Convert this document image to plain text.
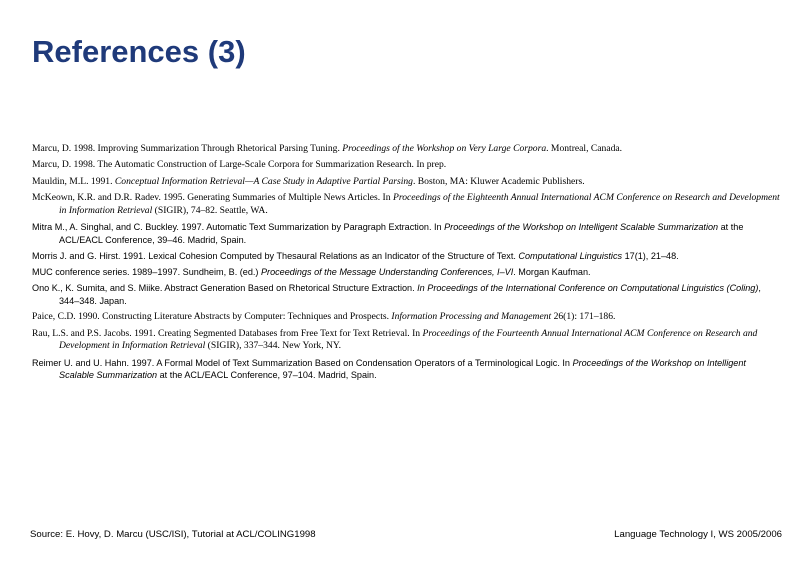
References (3)
Marcu, D. 1998. Improving Summarization Through Rhetorical Parsing Tuning. Proceedings of the Workshop on Very Large Corpora. Montreal, Canada.
Marcu, D. 1998. The Automatic Construction of Large-Scale Corpora for Summarization Research. In prep.
Mauldin, M.L. 1991. Conceptual Information Retrieval—A Case Study in Adaptive Partial Parsing. Boston, MA: Kluwer Academic Publishers.
McKeown, K.R. and D.R. Radev. 1995. Generating Summaries of Multiple News Articles. In Proceedings of the Eighteenth Annual International ACM Conference on Research and Development in Information Retrieval (SIGIR), 74–82. Seattle, WA.
Mitra M., A. Singhal, and C. Buckley. 1997. Automatic Text Summarization by Paragraph Extraction. In Proceedings of the Workshop on Intelligent Scalable Summarization at the ACL/EACL Conference, 39–46. Madrid, Spain.
Morris J. and G. Hirst. 1991. Lexical Cohesion Computed by Thesaural Relations as an Indicator of the Structure of Text. Computational Linguistics 17(1), 21–48.
MUC conference series. 1989–1997. Sundheim, B. (ed.) Proceedings of the Message Understanding Conferences, I–VI. Morgan Kaufman.
Ono K., K. Sumita, and S. Miike. Abstract Generation Based on Rhetorical Structure Extraction. In Proceedings of the International Conference on Computational Linguistics (Coling), 344–348. Japan.
Paice, C.D. 1990. Constructing Literature Abstracts by Computer: Techniques and Prospects. Information Processing and Management 26(1): 171–186.
Rau, L.S. and P.S. Jacobs. 1991. Creating Segmented Databases from Free Text for Text Retrieval. In Proceedings of the Fourteenth Annual International ACM Conference on Research and Development in Information Retrieval (SIGIR), 337–344. New York, NY.
Reimer U. and U. Hahn. 1997. A Formal Model of Text Summarization Based on Condensation Operators of a Terminological Logic. In Proceedings of the Workshop on Intelligent Scalable Summarization at the ACL/EACL Conference, 97–104. Madrid, Spain.
Source: E. Hovy, D. Marcu (USC/ISI), Tutorial at ACL/COLING1998	Language Technology I, WS 2005/2006
